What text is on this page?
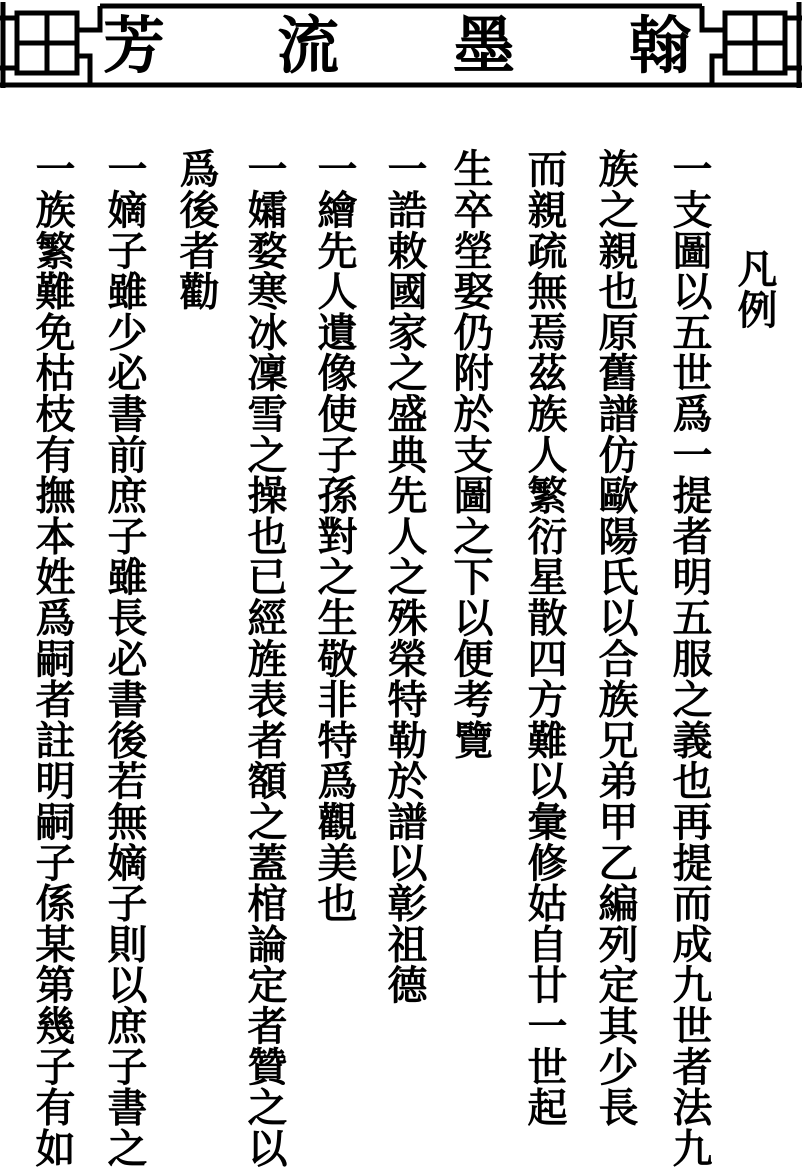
芳 流 墨 翰
凡例
一支圖以五世爲一提者明五服之義也再提而成九世者法九
族之親也原舊譜仿歐陽氏以合族兄弟甲乙編列定其少長
而親疏無焉茲族人繁衍星散四方難以彙修姑自廿一世起
生卒塋娶仍附於支圖之下以便考覽
一誥敕國家之盛典先人之殊榮特勒於譜以彰祖德
一繪先人遺像使子孫對之生敬非特爲觀美也
一孀婺寒冰凜雪之操也已經旌表者額之蓋棺論定者贊之以
爲後者勸
一嫡子雖少必書前庶子雖長必書後若無嫡子則以庶子書之
一族繁難免枯枝有撫本姓爲嗣者註明嗣子係某第幾子有如
